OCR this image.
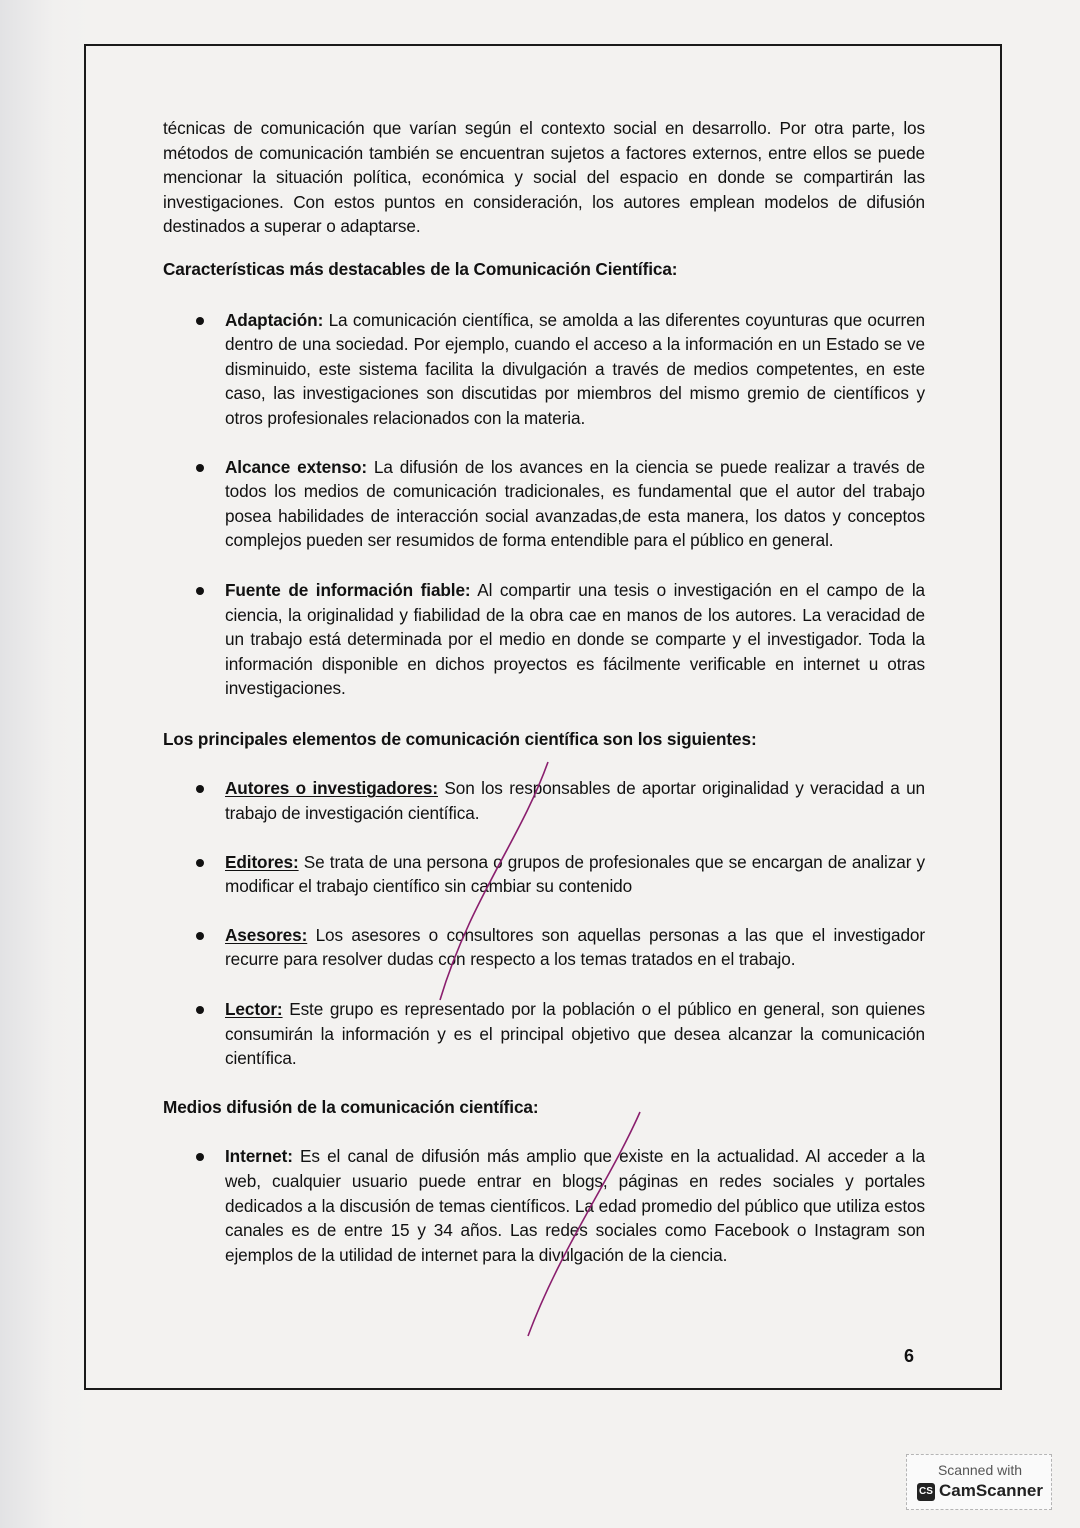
técnicas de comunicación que varían según el contexto social en desarrollo. Por otra parte, los métodos de comunicación también se encuentran sujetos a factores externos, entre ellos se puede mencionar la situación política, económica y social del espacio en donde se compartirán las investigaciones. Con estos puntos en consideración, los autores emplean modelos de difusión destinados a superar o adaptarse.

Características más destacables de la Comunicación Científica:

Adaptación: La comunicación científica, se amolda a las diferentes coyunturas que ocurren dentro de una sociedad. Por ejemplo, cuando el acceso a la información en un Estado se ve disminuido, este sistema facilita la divulgación a través de medios competentes, en este caso, las investigaciones son discutidas por miembros del mismo gremio de científicos y otros profesionales relacionados con la materia.
Alcance extenso: La difusión de los avances en la ciencia se puede realizar a través de todos los medios de comunicación tradicionales, es fundamental que el autor del trabajo posea habilidades de interacción social avanzadas,de esta manera, los datos y conceptos complejos pueden ser resumidos de forma entendible para el público en general.
Fuente de información fiable: Al compartir una tesis o investigación en el campo de la ciencia, la originalidad y fiabilidad de la obra cae en manos de los autores. La veracidad de un trabajo está determinada por el medio en donde se comparte y el investigador. Toda la información disponible en dichos proyectos es fácilmente verificable en internet u otras investigaciones.

Los principales elementos de comunicación científica son los siguientes:

Autores o investigadores: Son los responsables de aportar originalidad y veracidad a un trabajo de investigación científica.
Editores: Se trata de una persona o grupos de profesionales que se encargan de analizar y modificar el trabajo científico sin cambiar su contenido
Asesores: Los asesores o consultores son aquellas personas a las que el investigador recurre para resolver dudas con respecto a los temas tratados en el trabajo.
Lector: Este grupo es representado por la población o el público en general, son quienes consumirán la información y es el principal objetivo que desea alcanzar la comunicación científica.

Medios difusión de la comunicación científica:

Internet: Es el canal de difusión más amplio que existe en la actualidad. Al acceder a la web, cualquier usuario puede entrar en blogs, páginas en redes sociales y portales dedicados a la discusión de temas científicos. La edad promedio del público que utiliza estos canales es de entre 15 y 34 años. Las redes sociales como Facebook o Instagram son ejemplos de la utilidad de internet para la divulgación de la ciencia.
6
Scanned with
CS CamScanner
